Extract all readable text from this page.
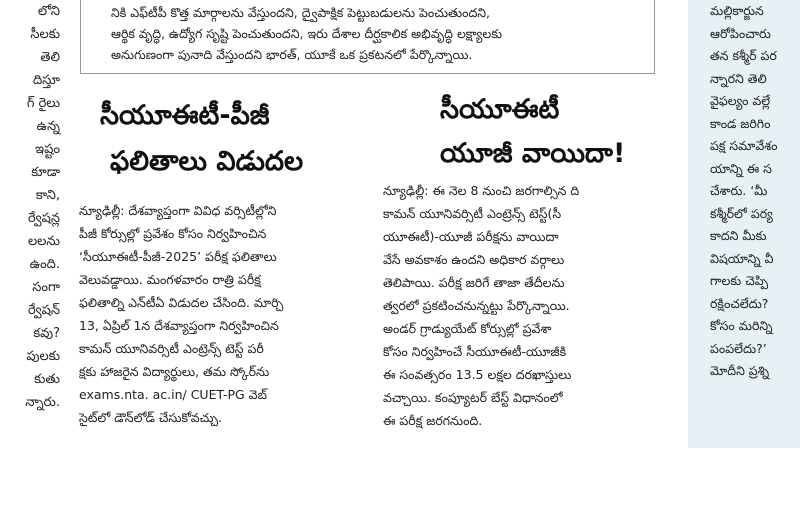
లోని
సీలకు
తెలి
దిస్తూ
గ్ రైలు
ఉన్న
ఇష్టం
కూడా
కాని,
ర్వేషన్ల
లలను
ఉంది.
సంగా
ర్వేషన్
కవు?
పులకు
కుతు
న్నారు.
నికి ఎఫ్‌టీపీ కొత్త మార్గాలను వేస్తుందని, ద్వైపాక్షిక పెట్టుబడులను పెంచుతుందని,
ఆర్థిక వృద్ధి, ఉద్యోగ సృష్టి పెంచుతుందని, ఇరు దేశాల దీర్ఘకాలిక అభివృద్ధి లక్ష్యాలకు
అనుగుణంగా పునాది వేస్తుందని భారత్, యూకే ఒక ప్రకటనలో పేర్కొన్నాయి.
సీయూఈటీ-పీజీ
ఫలితాలు విడుదల
సీయూఈటీ
యూజీ వాయిదా!
న్యూఢిల్లీ: దేశవ్యాప్తంగా వివిధ వర్సిటీల్లోని
పీజీ కోర్సుల్లో ప్రవేశం కోసం నిర్వహించిన
‘సీయూఈటీ-పీజీ-2025’ పరీక్ష ఫలితాలు
వెలువడ్డాయి. మంగళవారం రాత్రి పరీక్ష
ఫలితాల్ని ఎన్‌టీఏ విడుదల చేసింది. మార్చి
13, ఏప్రిల్ 1న దేశవ్యాప్తంగా నిర్వహించిన
కామన్ యూనివర్సిటీ ఎంట్రెన్స్ టెస్ట్ పరీ
క్షకు హాజరైన విద్యార్థులు, తమ స్కోర్‌ను
exams.nta. ac.in/ CUET-PG వెబ్
సైట్‌లో డౌన్‌లోడ్ చేసుకోవచ్చు.
న్యూఢిల్లీ: ఈ నెల 8 నుంచి జరగాల్సిన ది
కామన్ యూనివర్సిటీ ఎంట్రెన్స్ టెస్ట్(సీ
యూఈటీ)-యూజీ పరీక్షను వాయిదా
వేసే అవకాశం ఉందని అధికార వర్గాలు
తెలిపాయి. పరీక్ష జరిగే తాజా తేదీలను
త్వరలో ప్రకటించనున్నట్టు పేర్కొన్నాయి.
అండర్ గ్రాడ్యుయేట్ కోర్సుల్లో ప్రవేశా
కోసం నిర్వహించే సీయూఈటీ-యూజీకి
ఈ సంవత్సరం 13.5 లక్షల దరఖాస్తులు
వచ్చాయి. కంప్యూటర్ బేస్ట్ విధానంలో
ఈ పరీక్ష జరగనుంది.
మల్లికార్జున
ఆరోపించారు
తన కశ్మీర్ పర
న్నారని తెలి
వైఫల్యం వల్లే
కాండ జరిగిం
పక్ష సమావేశం
యాన్ని ఈ స
చేశారు. ‘మీ
కశ్మీర్‌లో పర్య
కాదని మీకు
విషయాన్ని వీ
గాలకు చెప్పి
రక్షించలేదు?
కోసం మరిన్ని
పంపలేదు?’
మోదీని ప్రశ్ని
